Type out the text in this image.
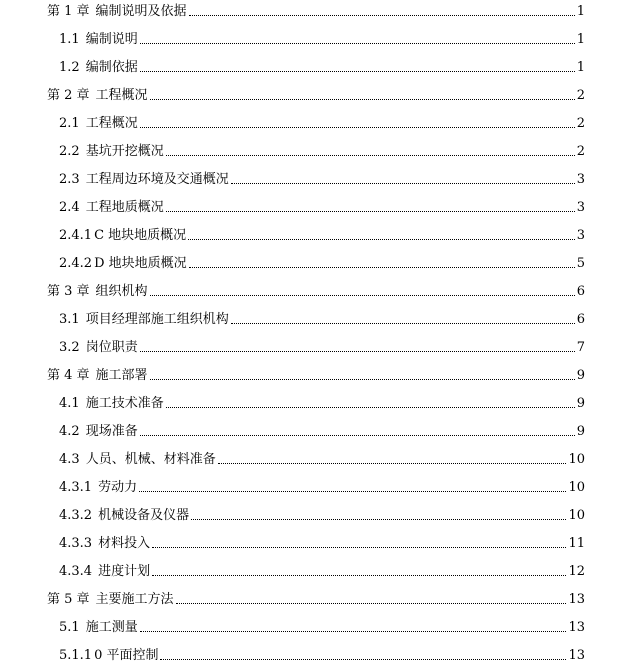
第 1 章 编制说明及依据	1
1.1 编制说明	1
1.2 编制依据	1
第 2 章 工程概况	2
2.1 工程概况	2
2.2 基坑开挖概况	2
2.3 工程周边环境及交通概况	3
2.4 工程地质概况	3
2.4.1 C 地块地质概况	3
2.4.2 D 地块地质概况	5
第 3 章 组织机构	6
3.1 项目经理部施工组织机构	6
3.2 岗位职责	7
第 4 章 施工部署	9
4.1 施工技术准备	9
4.2 现场准备	9
4.3 人员、机械、材料准备	10
4.3.1 劳动力	10
4.3.2 机械设备及仪器	10
4.3.3 材料投入	11
4.3.4 进度计划	12
第 5 章 主要施工方法	13
5.1 施工测量	13
5.1.1 0 平面控制	13
